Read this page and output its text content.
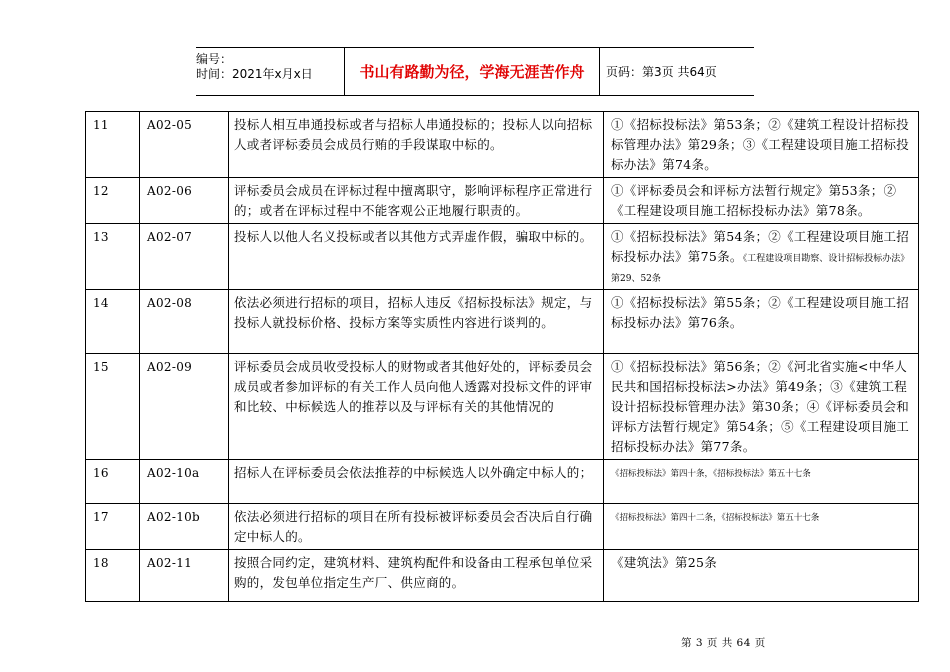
编号：
时间：2021年x月x日	书山有路勤为径，学海无涯苦作舟	页码：第3页 共64页
11	A02-05	投标人相互串通投标或者与招标人串通投标的；投标人以向招标人或者评标委员会成员行贿的手段谋取中标的。	①《招标投标法》第53条；②《建筑工程设计招标投标管理办法》第29条；③《工程建设项目施工招标投标办法》第74条。
12	A02-06	评标委员会成员在评标过程中擅离职守，影响评标程序正常进行的；或者在评标过程中不能客观公正地履行职责的。	①《评标委员会和评标方法暂行规定》第53条；②《工程建设项目施工招标投标办法》第78条。
13	A02-07	投标人以他人名义投标或者以其他方式弄虚作假，骗取中标的。	①《招标投标法》第54条；②《工程建设项目施工招标投标办法》第75条。《工程建设项目勘察、设计招标投标办法》第29、52条
14	A02-08	依法必须进行招标的项目，招标人违反《招标投标法》规定，与投标人就投标价格、投标方案等实质性内容进行谈判的。	①《招标投标法》第55条；②《工程建设项目施工招标投标办法》第76条。
15	A02-09	评标委员会成员收受投标人的财物或者其他好处的，评标委员会成员或者参加评标的有关工作人员向他人透露对投标文件的评审和比较、中标候选人的推荐以及与评标有关的其他情况的	①《招标投标法》第56条；②《河北省实施<中华人民共和国招标投标法>办法》第49条；③《建筑工程设计招标投标管理办法》第30条；④《评标委员会和评标方法暂行规定》第54条；⑤《工程建设项目施工招标投标办法》第77条。
16	A02-10a	招标人在评标委员会依法推荐的中标候选人以外确定中标人的；	《招标投标法》第四十条，《招标投标法》第五十七条

17	A02-10b	依法必须进行招标的项目在所有投标被评标委员会否决后自行确定中标人的。	《招标投标法》第四十二条，《招标投标法》第五十七条

18	A02-11	按照合同约定，建筑材料、建筑构配件和设备由工程承包单位采购的，发包单位指定生产厂、供应商的。	《建筑法》第25条
第 3 页 共 64 页
